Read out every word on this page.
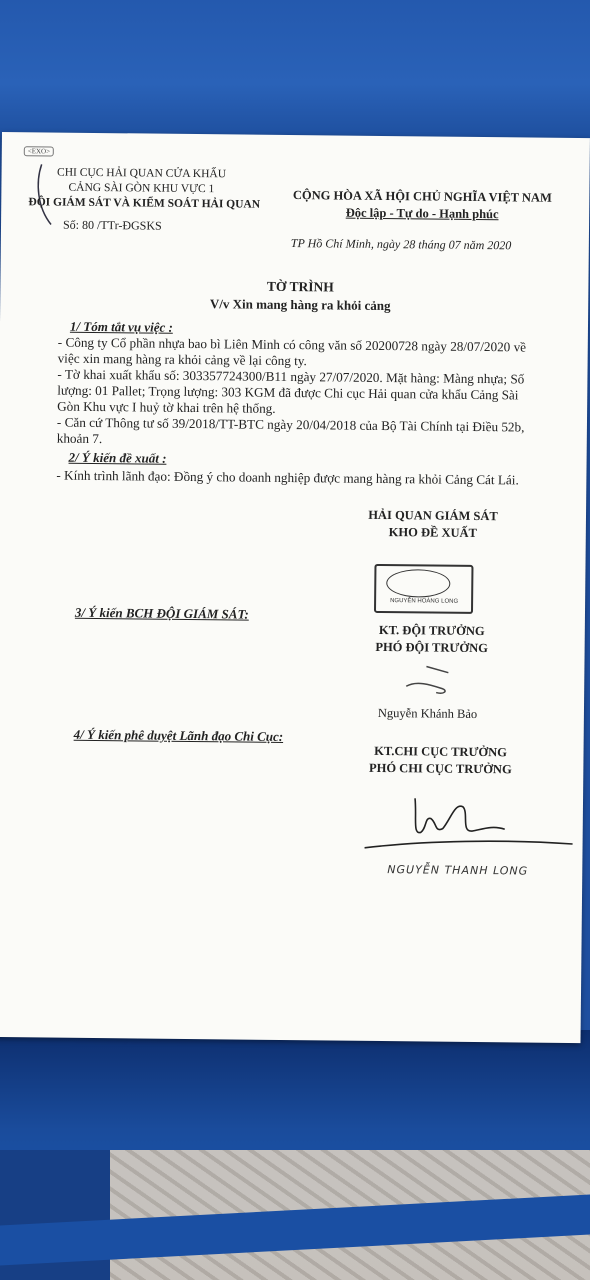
<EXO>
CHI CỤC HẢI QUAN CỬA KHẨU
CẢNG SÀI GÒN KHU VỰC 1
ĐỘI GIÁM SÁT VÀ KIỂM SOÁT HẢI QUAN
Số: 80 /TTr-ĐGSKS
CỘNG HÒA XÃ HỘI CHỦ NGHĨA VIỆT NAM
Độc lập - Tự do - Hạnh phúc
TP Hồ Chí Minh, ngày 28 tháng 07 năm 2020
TỜ TRÌNH
V/v Xin mang hàng ra khỏi cảng
1/ Tóm tắt vụ việc :
- Công ty Cổ phần nhựa bao bì Liên Minh có công văn số 20200728 ngày 28/07/2020 về việc xin mang hàng ra khỏi cảng về lại công ty.
- Tờ khai xuất khẩu số: 303357724300/B11 ngày 27/07/2020. Mặt hàng: Màng nhựa; Số lượng: 01 Pallet; Trọng lượng: 303 KGM đã được Chi cục Hải quan cửa khẩu Cảng Sài Gòn Khu vực I huỷ tờ khai trên hệ thống.
- Căn cứ Thông tư số 39/2018/TT-BTC ngày 20/04/2018 của Bộ Tài Chính tại Điều 52b, khoản 7.
2/ Ý kiến đề xuất :
- Kính trình lãnh đạo: Đồng ý cho doanh nghiệp được mang hàng ra khỏi Cảng Cát Lái.
HẢI QUAN GIÁM SÁT
KHO ĐỀ XUẤT
NGUYỄN HOÀNG LONG
3/ Ý kiến BCH ĐỘI GIÁM SÁT:
KT. ĐỘI TRƯỞNG
PHÓ ĐỘI TRƯỞNG
Nguyễn Khánh Bảo
4/ Ý kiến phê duyệt Lãnh đạo Chi Cục:
KT.CHI CỤC TRƯỞNG
PHÓ CHI CỤC TRƯỞNG
NGUYỄN THANH LONG
